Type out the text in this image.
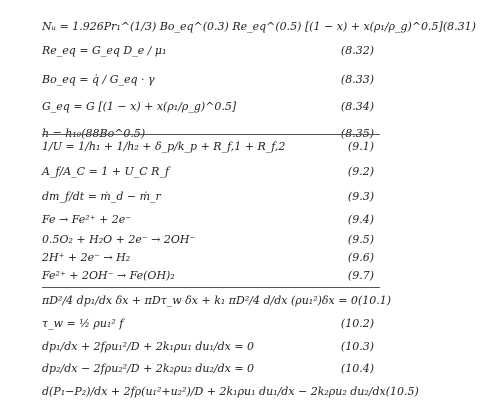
Nᵤ = 1.926Pr₁^(1/3) Bo_eq^(0.3) Re_eq^(0.5) [(1 − x) + x(ρ₁/ρ_g)^0.5] (8.31)
Re_eq = G_eq D_e / μ₁	(8.32)
Bo_eq = q̇ / G_eq · γ	(8.33)
G_eq = G [(1 − x) + x(ρ₁/ρ_g)^0.5]	(8.34)
h = h₁₀(88Bo^0.5)	(8.35)
1/U = 1/h₁ + 1/h₂ + δ_p/k_p + R_f,1 + R_f,2	(9.1)
A_f/A_C = 1 + U_C R_f	(9.2)
dm_f/dt = ṁ_d − ṁ_r	(9.3)
Fe → Fe²⁺ + 2e⁻	(9.4)
0.5O₂ + H₂O + 2e⁻ → 2OH⁻	(9.5)
2H⁺ + 2e⁻ → H₂	(9.6)
Fe²⁺ + 2OH⁻ → Fe(OH)₂	(9.7)
πD²/4 dp₁/dx δx + πDτ_w δx + k₁ πD²/4 d/dx (ρu₁²)δx = 0 (10.1)
τ_w = ½ ρu₁² f	(10.2)
dp₁/dx + 2fρu₁²/D + 2k₁ρu₁ du₁/dx = 0	(10.3)
dp₂/dx − 2fρu₂²/D + 2k₂ρu₂ du₂/dx = 0	(10.4)
d(P₁−P₂)/dx + 2fρ(u₁²+u₂²)/D + 2k₁ρu₁ du₁/dx − 2k₂ρu₂ du₂/dx (10.5)
